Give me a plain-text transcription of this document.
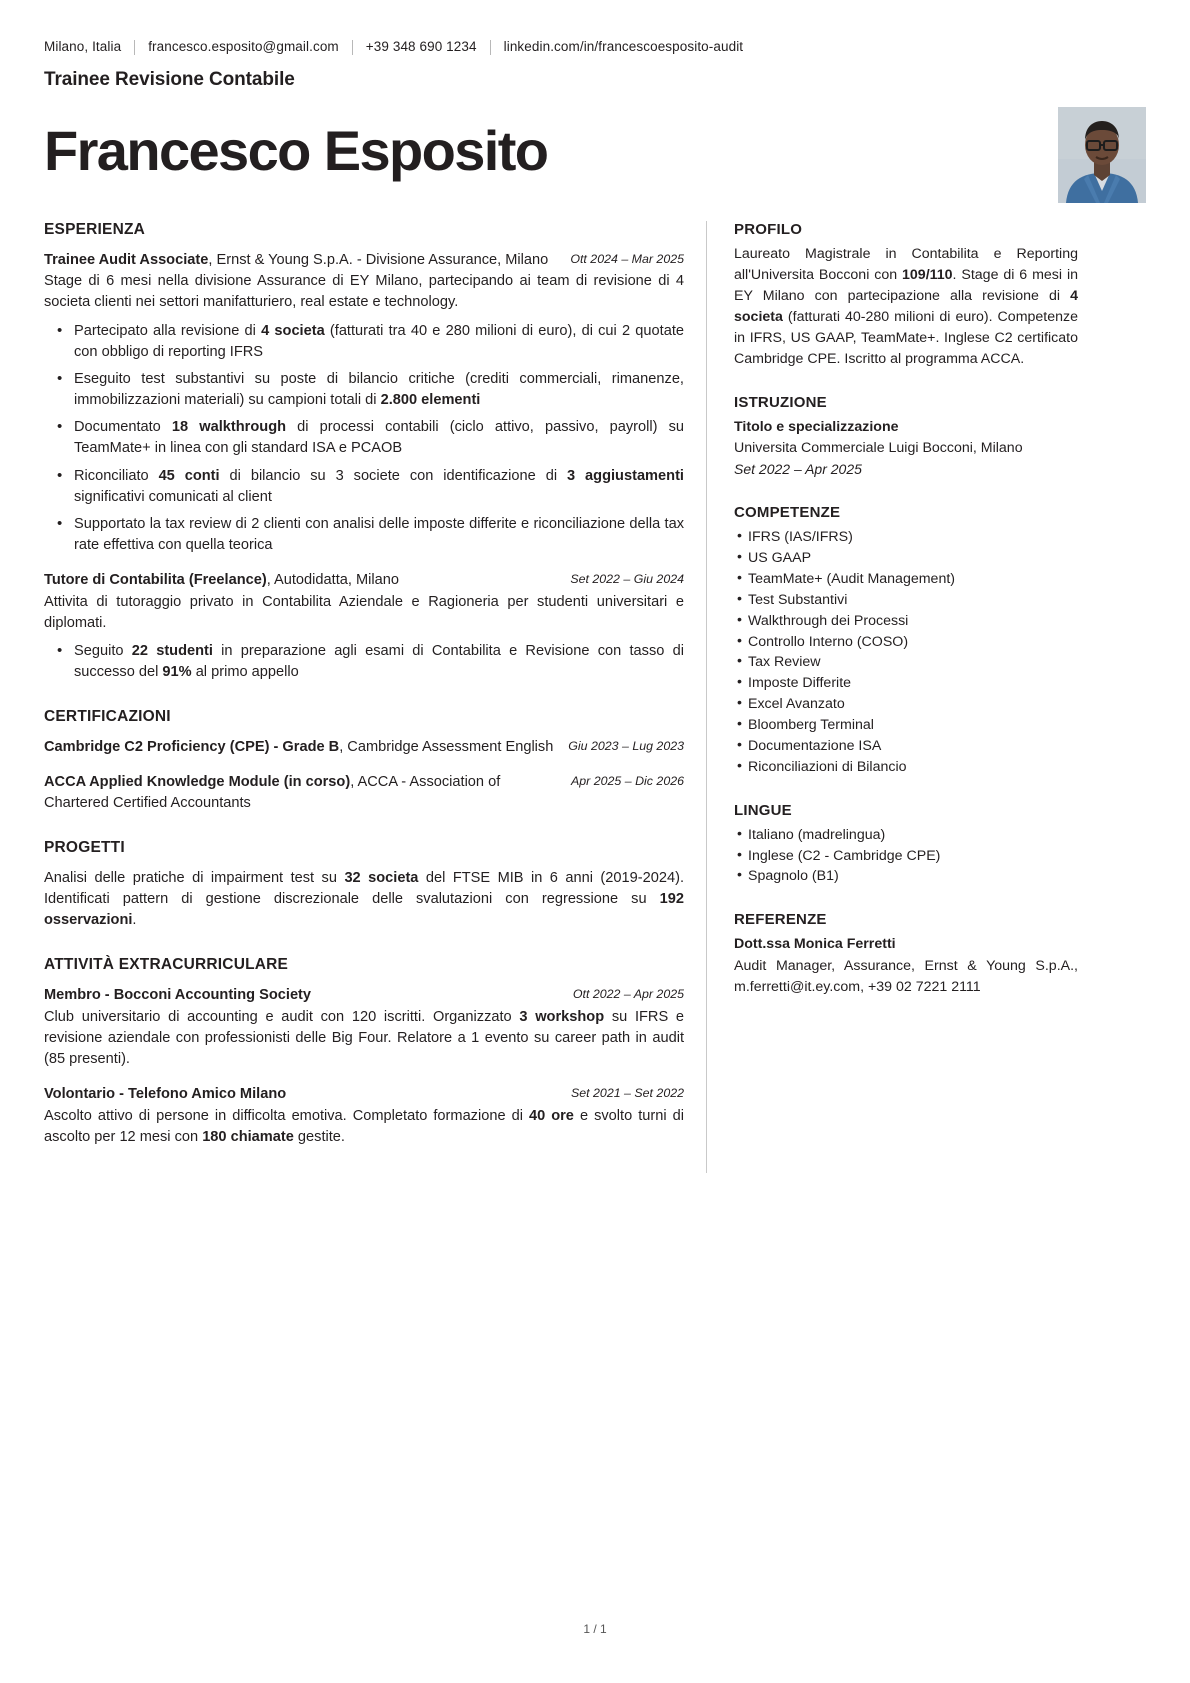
Milano, Italia francesco.esposito@gmail.com +39 348 690 1234 linkedin.com/in/francescoesposito-audit
Trainee Revisione Contabile
Francesco Esposito
ESPERIENZA
Trainee Audit Associate, Ernst & Young S.p.A. - Divisione Assurance, Milano	Ott 2024 – Mar 2025
Stage di 6 mesi nella divisione Assurance di EY Milano, partecipando ai team di revisione di 4 societa clienti nei settori manifatturiero, real estate e technology.
• Partecipato alla revisione di 4 societa (fatturati tra 40 e 280 milioni di euro), di cui 2 quotate con obbligo di reporting IFRS
• Eseguito test substantivi su poste di bilancio critiche (crediti commerciali, rimanenze, immobilizzazioni materiali) su campioni totali di 2.800 elementi
• Documentato 18 walkthrough di processi contabili (ciclo attivo, passivo, payroll) su TeamMate+ in linea con gli standard ISA e PCAOB
• Riconciliato 45 conti di bilancio su 3 societe con identificazione di 3 aggiustamenti significativi comunicati al client
• Supportato la tax review di 2 clienti con analisi delle imposte differite e riconciliazione della tax rate effettiva con quella teorica
Tutore di Contabilita (Freelance), Autodidatta, Milano	Set 2022 – Giu 2024
Attivita di tutoraggio privato in Contabilita Aziendale e Ragioneria per studenti universitari e diplomati.
• Seguito 22 studenti in preparazione agli esami di Contabilita e Revisione con tasso di successo del 91% al primo appello
CERTIFICAZIONI
Cambridge C2 Proficiency (CPE) - Grade B, Cambridge Assessment English Giu 2023 – Lug 2023
ACCA Applied Knowledge Module (in corso), ACCA - Association of Chartered Certified Accountants
Apr 2025 – Dic 2026
PROGETTI
Analisi delle pratiche di impairment test su 32 societa del FTSE MIB in 6 anni (2019-2024). Identificati pattern di gestione discrezionale delle svalutazioni con regressione su 192 osservazioni.
ATTIVITÀ EXTRACURRICULARE
Membro - Bocconi Accounting Society	Ott 2022 – Apr 2025
Club universitario di accounting e audit con 120 iscritti. Organizzato 3 workshop su IFRS e revisione aziendale con professionisti delle Big Four. Relatore a 1 evento su career path in audit (85 presenti).
Volontario - Telefono Amico Milano	Set 2021 – Set 2022
Ascolto attivo di persone in difficolta emotiva. Completato formazione di 40 ore e svolto turni di ascolto per 12 mesi con 180 chiamate gestite.
PROFILO
Laureato Magistrale in Contabilita e Reporting all'Universita Bocconi con 109/110. Stage di 6 mesi in EY Milano con partecipazione alla revisione di 4 societa (fatturati 40-280 milioni di euro). Competenze in IFRS, US GAAP, TeamMate+. Inglese C2 certificato Cambridge CPE. Iscritto al programma ACCA.
ISTRUZIONE
Titolo e specializzazione
Universita Commerciale Luigi Bocconi, Milano
Set 2022 – Apr 2025
COMPETENZE
• IFRS (IAS/IFRS)
• US GAAP
• TeamMate+ (Audit Management)
• Test Substantivi
• Walkthrough dei Processi
• Controllo Interno (COSO)
• Tax Review
• Imposte Differite
• Excel Avanzato
• Bloomberg Terminal
• Documentazione ISA
• Riconciliazioni di Bilancio
LINGUE
• Italiano (madrelingua)
• Inglese (C2 - Cambridge CPE)
• Spagnolo (B1)
REFERENZE
Dott.ssa Monica Ferretti
Audit Manager, Assurance, Ernst & Young S.p.A., m.ferretti@it.ey.com, +39 02 7221 2111
1 / 1
